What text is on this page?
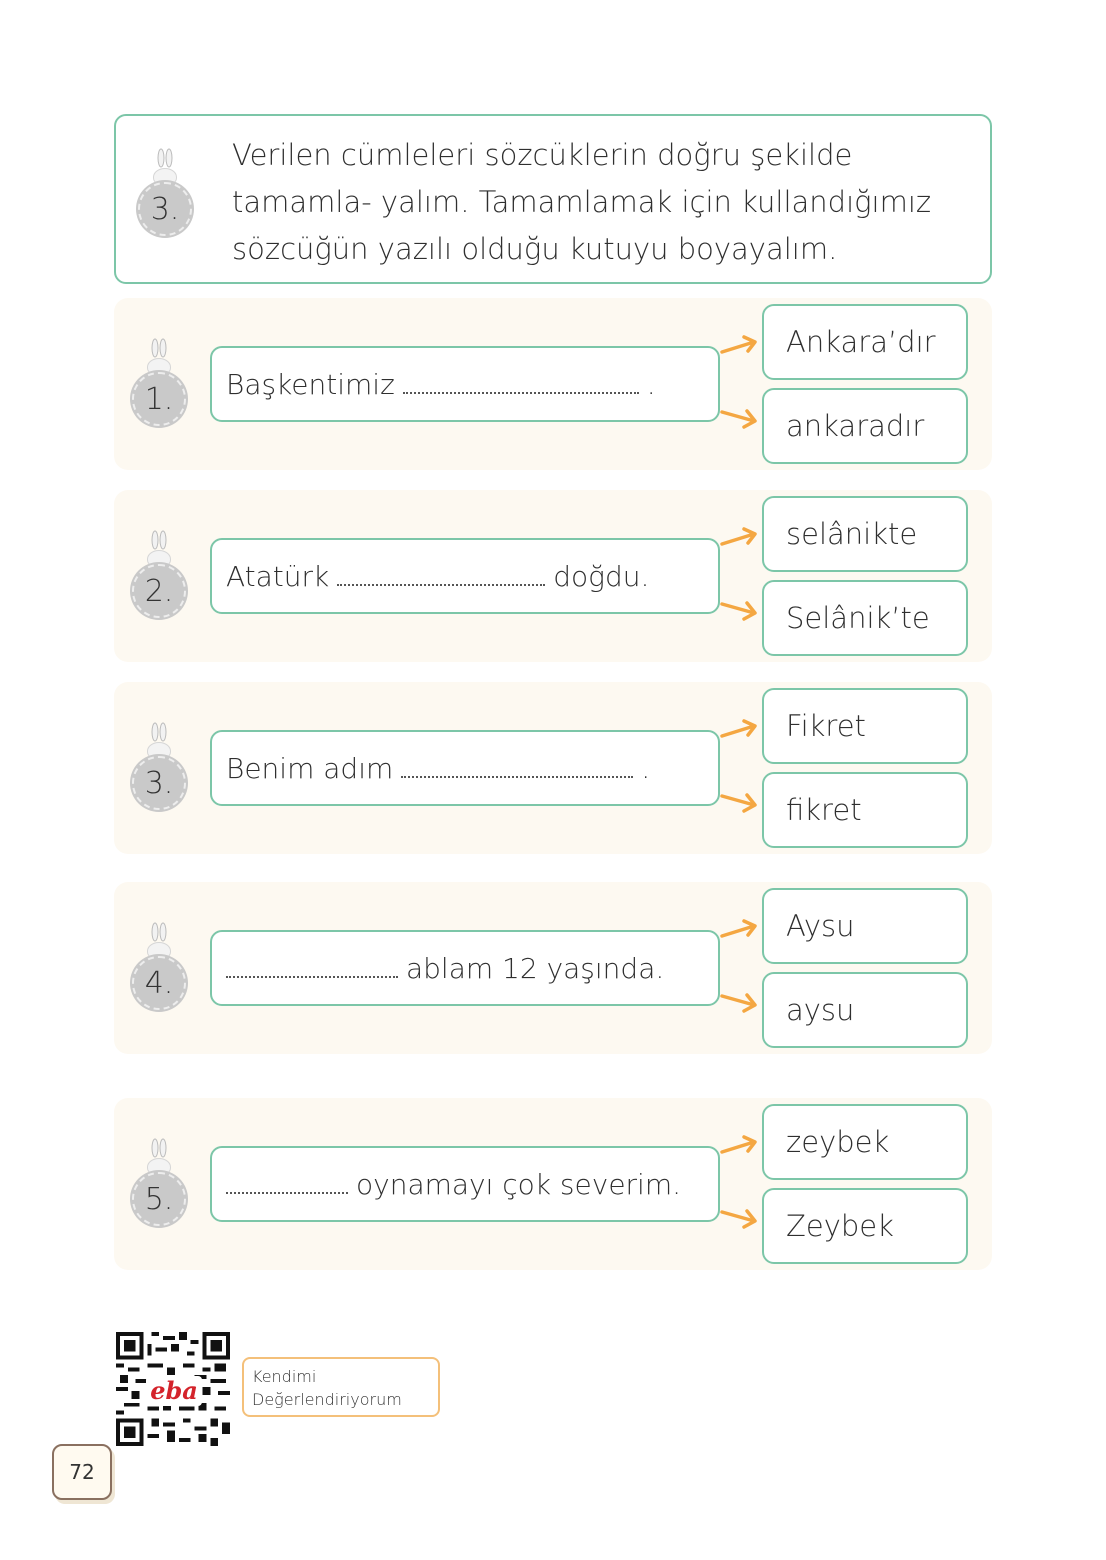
3.
Verilen cümleleri sözcüklerin doğru şekilde tamamla- yalım. Tamamlamak için kullandığımız sözcüğün yazılı olduğu kutuyu boyayalım.
1.	Başkentimiz	.
Ankara’dır
ankaradır
2.	Atatürk	doğdu.
selânikte
Selânik’te
3.	Benim adım	.
Fikret
fikret
4.	ablam 12 yaşında.
Aysu
aysu
5.	oynamayı çok severim.
zeybek
Zeybek
eba	Kendimi
Değerlendiriyorum
72
